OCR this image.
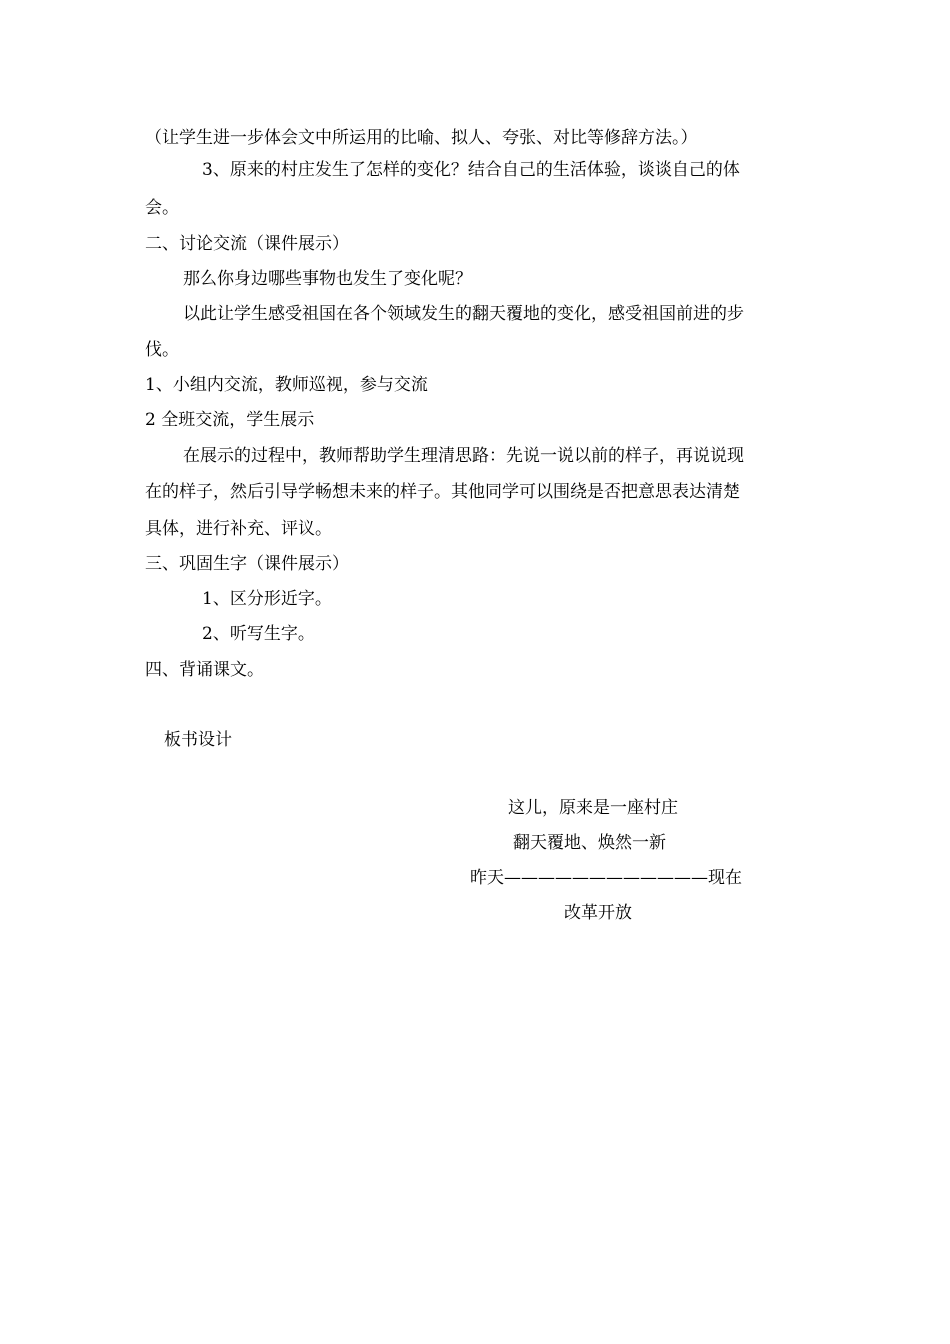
（让学生进一步体会文中所运用的比喻、拟人、夸张、对比等修辞方法。）
3、原来的村庄发生了怎样的变化？结合自己的生活体验，谈谈自己的体
会。
二、讨论交流（课件展示）
那么你身边哪些事物也发生了变化呢？
以此让学生感受祖国在各个领域发生的翻天覆地的变化，感受祖国前进的步
伐。
1、小组内交流，教师巡视，参与交流
2 全班交流，学生展示
在展示的过程中，教师帮助学生理清思路：先说一说以前的样子，再说说现
在的样子，然后引导学畅想未来的样子。其他同学可以围绕是否把意思表达清楚
具体，进行补充、评议。
三、巩固生字（课件展示）
1、区分形近字。
2、听写生字。
四、背诵课文。
板书设计
这儿，原来是一座村庄
翻天覆地、焕然一新
昨天————————————现在
改革开放
